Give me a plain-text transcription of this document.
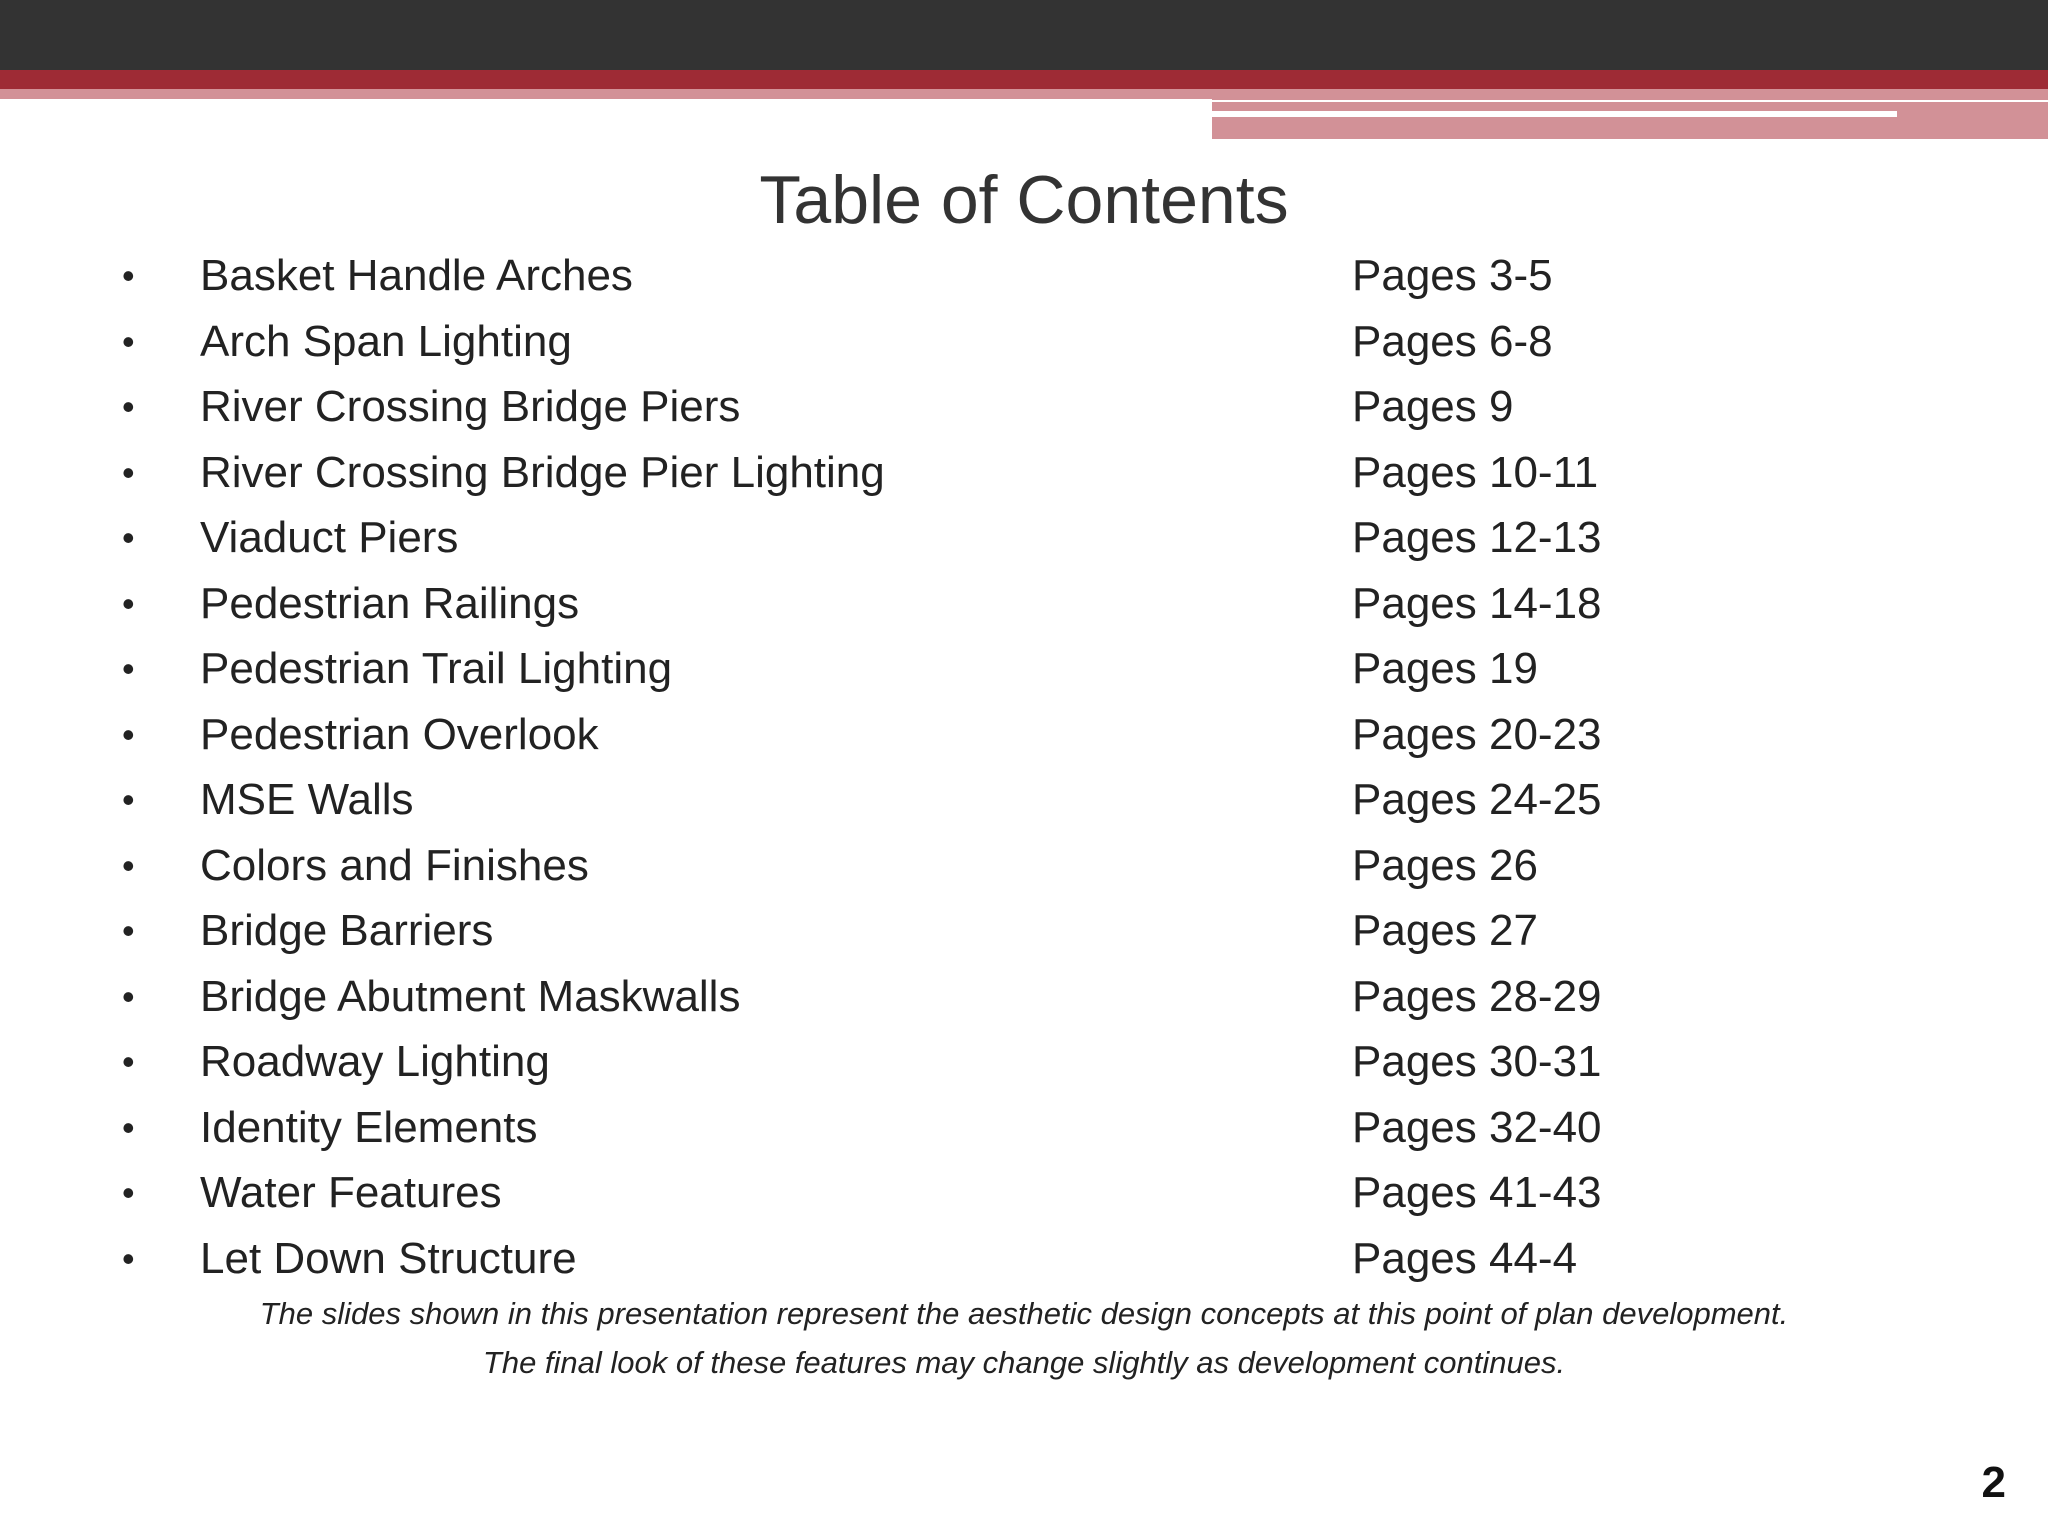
Table of Contents
• Basket Handle Arches	Pages 3-5
• Arch Span Lighting	Pages 6-8
• River Crossing Bridge Piers	Pages 9
• River Crossing Bridge Pier Lighting	Pages 10-11
• Viaduct Piers	Pages 12-13
• Pedestrian Railings	Pages 14-18
• Pedestrian Trail Lighting	Pages 19
• Pedestrian Overlook	Pages 20-23
• MSE Walls	Pages 24-25
• Colors and Finishes	Pages 26
• Bridge Barriers	Pages 27
• Bridge Abutment Maskwalls	Pages 28-29
• Roadway Lighting	Pages 30-31
• Identity Elements	Pages 32-40
• Water Features	Pages 41-43
• Let Down Structure	Pages 44-4
The slides shown in this presentation represent the aesthetic design concepts at this point of plan development.
The final look of these features may change slightly as development continues.
2
